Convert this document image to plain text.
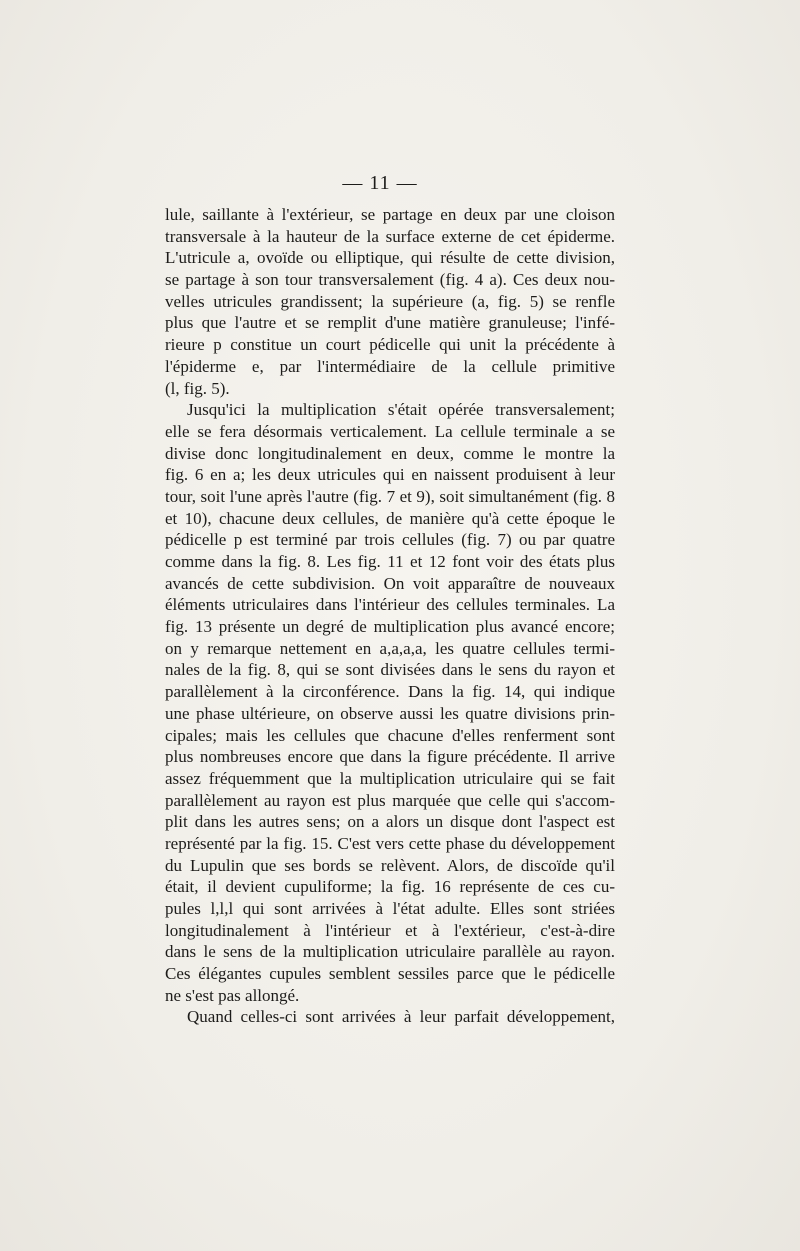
— 11 —
lule, saillante à l'extérieur, se partage en deux par une cloison
transversale à la hauteur de la surface externe de cet épiderme.
L'utricule a, ovoïde ou elliptique, qui résulte de cette division,
se partage à son tour transversalement (fig. 4 a). Ces deux nou-
velles utricules grandissent; la supérieure (a, fig. 5) se renfle
plus que l'autre et se remplit d'une matière granuleuse; l'infé-
rieure p constitue un court pédicelle qui unit la précédente à
l'épiderme e, par l'intermédiaire de la cellule primitive
(l, fig. 5).
Jusqu'ici la multiplication s'était opérée transversalement;
elle se fera désormais verticalement. La cellule terminale a se
divise donc longitudinalement en deux, comme le montre la
fig. 6 en a; les deux utricules qui en naissent produisent à leur
tour, soit l'une après l'autre (fig. 7 et 9), soit simultanément (fig. 8
et 10), chacune deux cellules, de manière qu'à cette époque le
pédicelle p est terminé par trois cellules (fig. 7) ou par quatre
comme dans la fig. 8. Les fig. 11 et 12 font voir des états plus
avancés de cette subdivision. On voit apparaître de nouveaux
éléments utriculaires dans l'intérieur des cellules terminales. La
fig. 13 présente un degré de multiplication plus avancé encore;
on y remarque nettement en a,a,a,a, les quatre cellules termi-
nales de la fig. 8, qui se sont divisées dans le sens du rayon et
parallèlement à la circonférence. Dans la fig. 14, qui indique
une phase ultérieure, on observe aussi les quatre divisions prin-
cipales; mais les cellules que chacune d'elles renferment sont
plus nombreuses encore que dans la figure précédente. Il arrive
assez fréquemment que la multiplication utriculaire qui se fait
parallèlement au rayon est plus marquée que celle qui s'accom-
plit dans les autres sens; on a alors un disque dont l'aspect est
représenté par la fig. 15. C'est vers cette phase du développement
du Lupulin que ses bords se relèvent. Alors, de discoïde qu'il
était, il devient cupuliforme; la fig. 16 représente de ces cu-
pules l,l,l qui sont arrivées à l'état adulte. Elles sont striées
longitudinalement à l'intérieur et à l'extérieur, c'est-à-dire
dans le sens de la multiplication utriculaire parallèle au rayon.
Ces élégantes cupules semblent sessiles parce que le pédicelle
ne s'est pas allongé.
Quand celles-ci sont arrivées à leur parfait développement,
